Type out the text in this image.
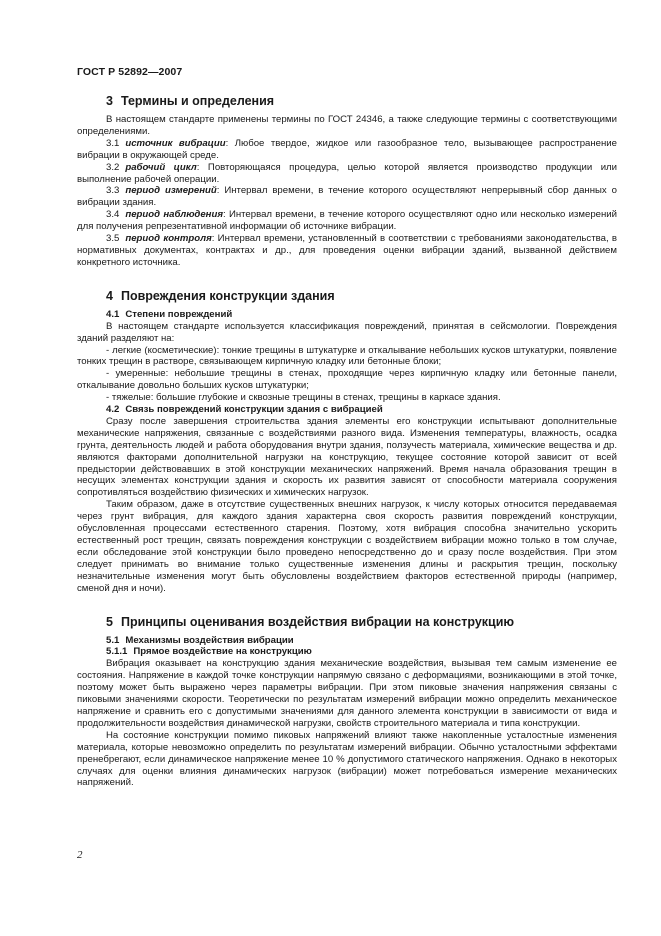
ГОСТ Р 52892—2007
3 Термины и определения

В настоящем стандарте применены термины по ГОСТ 24346, а также следующие термины с соответствующими определениями.

3.1 источник вибрации: Любое твердое, жидкое или газообразное тело, вызывающее распространение вибрации в окружающей среде.

3.2 рабочий цикл: Повторяющаяся процедура, целью которой является производство продукции или выполнение рабочей операции.

3.3 период измерений: Интервал времени, в течение которого осуществляют непрерывный сбор данных о вибрации здания.

3.4 период наблюдения: Интервал времени, в течение которого осуществляют одно или несколько измерений для получения репрезентативной информации об источнике вибрации.

3.5 период контроля: Интервал времени, установленный в соответствии с требованиями законодательства, в нормативных документах, контрактах и др., для проведения оценки вибрации зданий, вызванной действием конкретного источника.

4 Повреждения конструкции здания
4.1 Степени повреждений

В настоящем стандарте используется классификация повреждений, принятая в сейсмологии. Повреждения зданий разделяют на:

- легкие (косметические): тонкие трещины в штукатурке и откалывание небольших кусков штукатурки, появление тонких трещин в растворе, связывающем кирпичную кладку или бетонные блоки;

- умеренные: небольшие трещины в стенах, проходящие через кирпичную кладку или бетонные панели, откалывание довольно больших кусков штукатурки;

- тяжелые: большие глубокие и сквозные трещины в стенах, трещины в каркасе здания.

4.2 Связь повреждений конструкции здания с вибрацией

Сразу после завершения строительства здания элементы его конструкции испытывают дополнительные механические напряжения, связанные с воздействиями разного вида. Изменения температуры, влажность, осадка грунта, деятельность людей и работа оборудования внутри здания, ползучесть материала, химические вещества и др. являются факторами дополнительной нагрузки на конструкцию, текущее состояние которой зависит от всей предыстории действовавших в этой конструкции механических напряжений. Время начала образования трещин в несущих элементах конструкции здания и скорость их развития зависят от способности материала сооружения сопротивляться воздействию физических и химических нагрузок.

Таким образом, даже в отсутствие существенных внешних нагрузок, к числу которых относится передаваемая через грунт вибрация, для каждого здания характерна своя скорость развития повреждений конструкции, обусловленная процессами естественного старения. Поэтому, хотя вибрация способна значительно ускорить естественный рост трещин, связать повреждения конструкции с воздействием вибрации можно только в том случае, если обследование этой конструкции было проведено непосредственно до и сразу после воздействия. При этом следует принимать во внимание только существенные изменения длины и раскрытия трещин, поскольку незначительные изменения могут быть обусловлены воздействием факторов естественной природы (например, сменой дня и ночи).

5 Принципы оценивания воздействия вибрации на конструкцию
5.1 Механизмы воздействия вибрации
5.1.1 Прямое воздействие на конструкцию

Вибрация оказывает на конструкцию здания механические воздействия, вызывая тем самым изменение ее состояния. Напряжение в каждой точке конструкции напрямую связано с деформациями, возникающими в этой точке, поэтому может быть выражено через параметры вибрации. При этом пиковые значения напряжения связаны с пиковыми значениями скорости. Теоретически по результатам измерений вибрации можно определить механическое напряжение и сравнить его с допустимыми значениями для данного элемента конструкции в зависимости от вида и продолжительности воздействия динамической нагрузки, свойств строительного материала и типа конструкции.

На состояние конструкции помимо пиковых напряжений влияют также накопленные усталостные изменения материала, которые невозможно определить по результатам измерений вибрации. Обычно усталостными эффектами пренебрегают, если динамическое напряжение менее 10 % допустимого статического напряжения. Однако в некоторых случаях для оценки влияния динамических нагрузок (вибрации) может потребоваться измерение механических напряжений.

2
